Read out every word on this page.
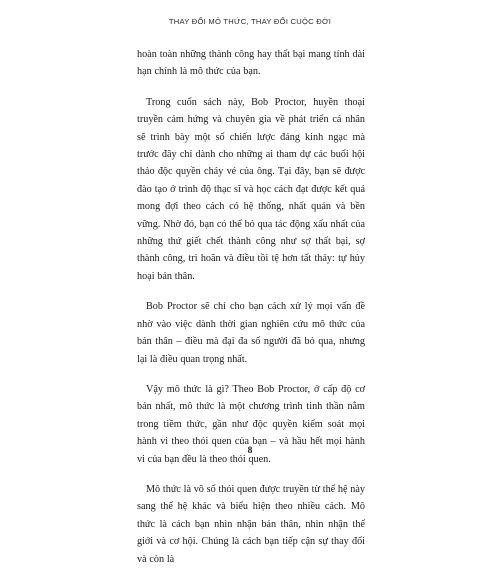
THAY ĐỔI MÔ THỨC, THAY ĐỔI CUỘC ĐỜI

hoàn toàn những thành công hay thất bại mang tính dài hạn chính là mô thức của bạn.

Trong cuốn sách này, Bob Proctor, huyền thoại truyền cảm hứng và chuyên gia về phát triển cá nhân sẽ trình bày một số chiến lược đáng kinh ngạc mà trước đây chỉ dành cho những ai tham dự các buổi hội thảo độc quyền cháy vé của ông. Tại đây, bạn sẽ được đào tạo ở trình độ thạc sĩ và học cách đạt được kết quả mong đợi theo cách có hệ thống, nhất quán và bền vững. Nhờ đó, bạn có thể bỏ qua tác động xấu nhất của những thứ giết chết thành công như sợ thất bại, sợ thành công, trì hoãn và điều tồi tệ hơn tất thảy: tự hủy hoại bản thân.

Bob Proctor sẽ chỉ cho bạn cách xử lý mọi vấn đề nhờ vào việc dành thời gian nghiên cứu mô thức của bản thân – điều mà đại đa số người đã bỏ qua, nhưng lại là điều quan trọng nhất.

Vậy mô thức là gì? Theo Bob Proctor, ở cấp độ cơ bản nhất, mô thức là một chương trình tinh thần nằm trong tiềm thức, gần như độc quyền kiểm soát mọi hành vi theo thói quen của bạn – và hầu hết mọi hành vi của bạn đều là theo thói quen.

Mô thức là vô số thói quen được truyền từ thế hệ này sang thế hệ khác và biểu hiện theo nhiều cách. Mô thức là cách bạn nhìn nhận bản thân, nhìn nhận thế giới và cơ hội. Chúng là cách bạn tiếp cận sự thay đổi và còn là

8
